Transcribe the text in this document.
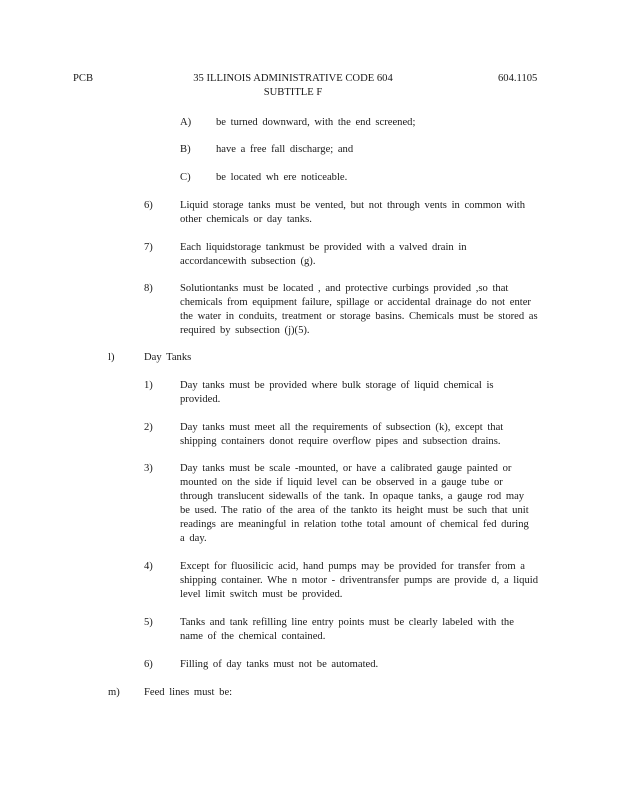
PCB	35 ILLINOIS ADMINISTRATIVE CODE 604
SUBTITLE F
604.1105
A) be turned downward, with the end screened;
B) have a free fall discharge; and
C) be located wh ere noticeable.
6)	Liquid storage tanks must be vented, but not through vents in common with other chemicals or day tanks.
7)	Each liquidstorage tankmust be provided with a valved drain in accordancewith subsection (g).
8)	Solutiontanks must be located , and protective curbings provided ,so that chemicals from equipment failure, spillage or accidental drainage do not enter the water in conduits, treatment or storage basins. Chemicals must be stored as required by subsection (j)(5).
l)	Day Tanks
1)	Day tanks must be provided where bulk storage of liquid chemical is provided.
2)	Day tanks must meet all the requirements of subsection (k), except that shipping containers donot require overflow pipes and subsection drains.
3)	Day tanks must be scale -mounted, or have a calibrated gauge painted or mounted on the side if liquid level can be observed in a gauge tube or through translucent sidewalls of the tank. In opaque tanks, a gauge rod may be used. The ratio of the area of the tankto its height must be such that unit readings are meaningful in relation tothe total amount of chemical fed during a day.
4)	Except for fluosilicic acid, hand pumps may be provided for transfer from a shipping container. Whe n motor - driventransfer pumps are provide d, a liquid level limit switch must be provided.
5)	Tanks and tank refilling line entry points must be clearly labeled with the name of the chemical contained.
6)	Filling of day tanks must not be automated.
m) Feed lines must be:
